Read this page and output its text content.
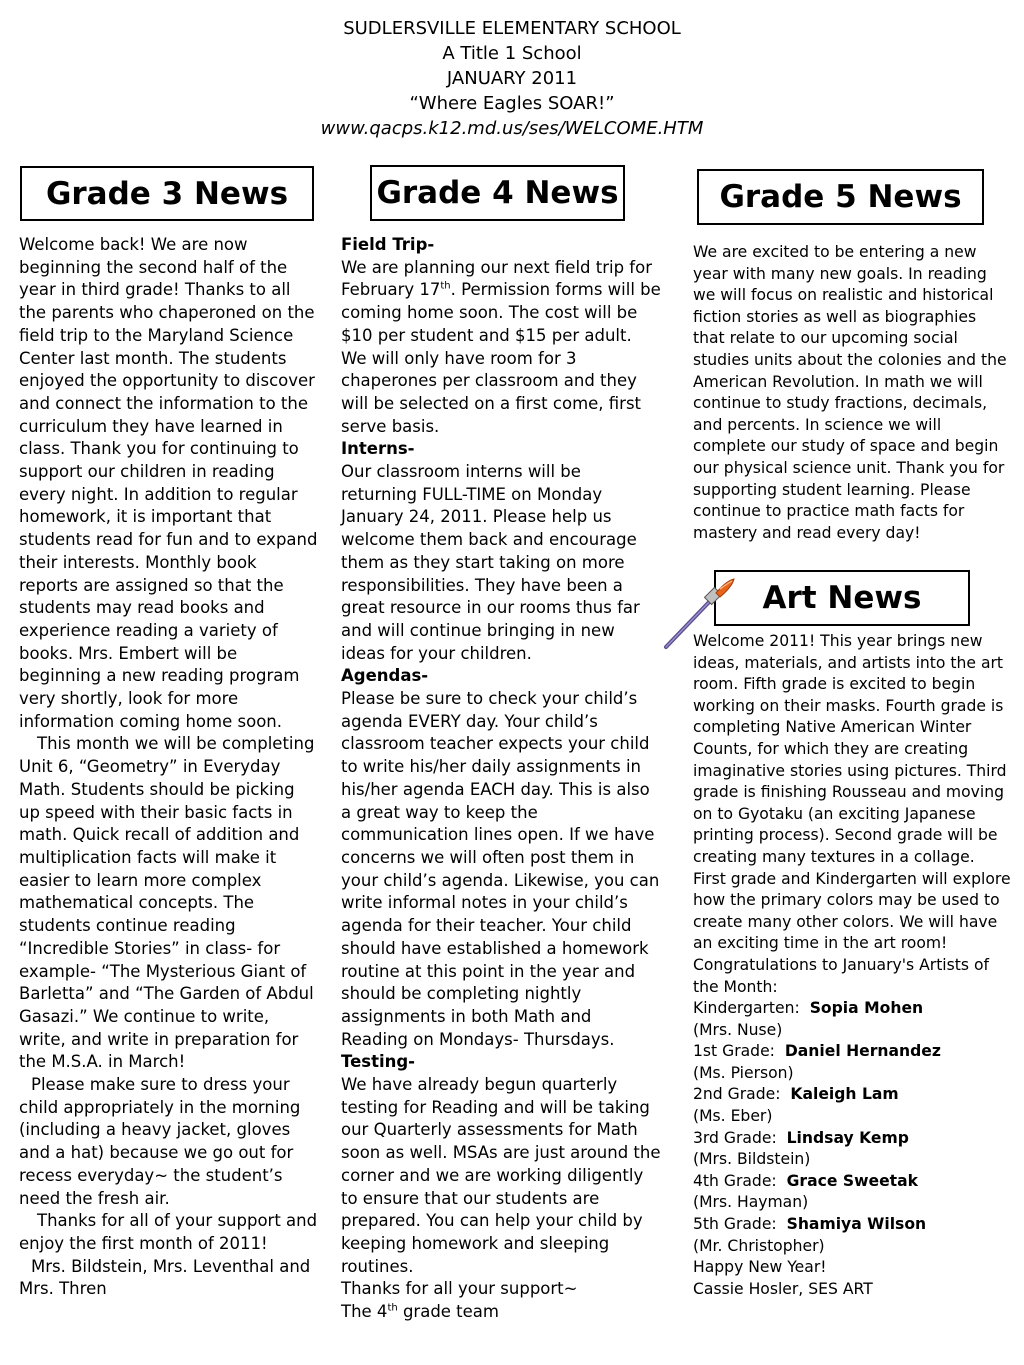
SUDLERSVILLE ELEMENTARY SCHOOL
A Title 1 School
JANUARY 2011
“Where Eagles SOAR!”
www.qacps.k12.md.us/ses/WELCOME.HTM
Grade 3 News	Grade 4 News	Grade 5 News
Art News

Welcome back! We are now beginning the second half of the year in third grade! Thanks to all the parents who chaperoned on the field trip to the Maryland Science Center last month. The students enjoyed the opportunity to discover and connect the information to the curriculum they have learned in class. Thank you for continuing to support our children in reading every night. In addition to regular homework, it is important that students read for fun and to expand their interests. Monthly book reports are assigned so that the students may read books and experience reading a variety of books. Mrs. Embert will be beginning a new reading program very shortly, look for more information coming home soon.

This month we will be completing Unit 6, “Geometry” in Everyday Math. Students should be picking up speed with their basic facts in math. Quick recall of addition and multiplication facts will make it easier to learn more complex mathematical concepts. The students continue reading “Incredible Stories” in class- for example- “The Mysterious Giant of Barletta” and “The Garden of Abdul Gasazi.” We continue to write, write, and write in preparation for the M.S.A. in March!

Please make sure to dress your child appropriately in the morning (including a heavy jacket, gloves and a hat) because we go out for recess everyday~ the student’s need the fresh air.

Thanks for all of your support and enjoy the first month of 2011!

Mrs. Bildstein, Mrs. Leventhal and Mrs. Thren

Field Trip-

We are planning our next field trip for February 17th. Permission forms will be coming home soon. The cost will be $10 per student and $15 per adult. We will only have room for 3 chaperones per classroom and they will be selected on a first come, first serve basis.

Interns-

Our classroom interns will be returning FULL-TIME on Monday January 24, 2011. Please help us welcome them back and encourage them as they start taking on more responsibilities. They have been a great resource in our rooms thus far and will continue bringing in new ideas for your children.

Agendas-

Please be sure to check your child’s agenda EVERY day. Your child’s classroom teacher expects your child to write his/her daily assignments in his/her agenda EACH day. This is also a great way to keep the communication lines open. If we have concerns we will often post them in your child’s agenda. Likewise, you can write informal notes in your child’s agenda for their teacher. Your child should have established a homework routine at this point in the year and should be completing nightly assignments in both Math and Reading on Mondays- Thursdays.

Testing-

We have already begun quarterly testing for Reading and will be taking our Quarterly assessments for Math soon as well. MSAs are just around the corner and we are working diligently to ensure that our students are prepared. You can help your child by keeping homework and sleeping routines.

Thanks for all your support~

The 4th grade team

We are excited to be entering a new year with many new goals. In reading we will focus on realistic and historical fiction stories as well as biographies that relate to our upcoming social studies units about the colonies and the American Revolution. In math we will continue to study fractions, decimals, and percents. In science we will complete our study of space and begin our physical science unit. Thank you for supporting student learning. Please continue to practice math facts for mastery and read every day!

Welcome 2011! This year brings new ideas, materials, and artists into the art room. Fifth grade is excited to begin working on their masks. Fourth grade is completing Native American Winter Counts, for which they are creating imaginative stories using pictures. Third grade is finishing Rousseau and moving on to Gyotaku (an exciting Japanese printing process). Second grade will be creating many textures in a collage. First grade and Kindergarten will explore how the primary colors may be used to create many other colors. We will have an exciting time in the art room!

Congratulations to January's Artists of the Month:

Kindergarten:  Sopia Mohen
(Mrs. Nuse)
1st Grade:  Daniel Hernandez
(Ms. Pierson)
2nd Grade:  Kaleigh Lam
(Ms. Eber)
3rd Grade:  Lindsay Kemp
(Mrs. Bildstein)
4th Grade:  Grace Sweetak
(Mrs. Hayman)
5th Grade:  Shamiya Wilson
(Mr. Christopher)

Happy New Year!

Cassie Hosler, SES ART
